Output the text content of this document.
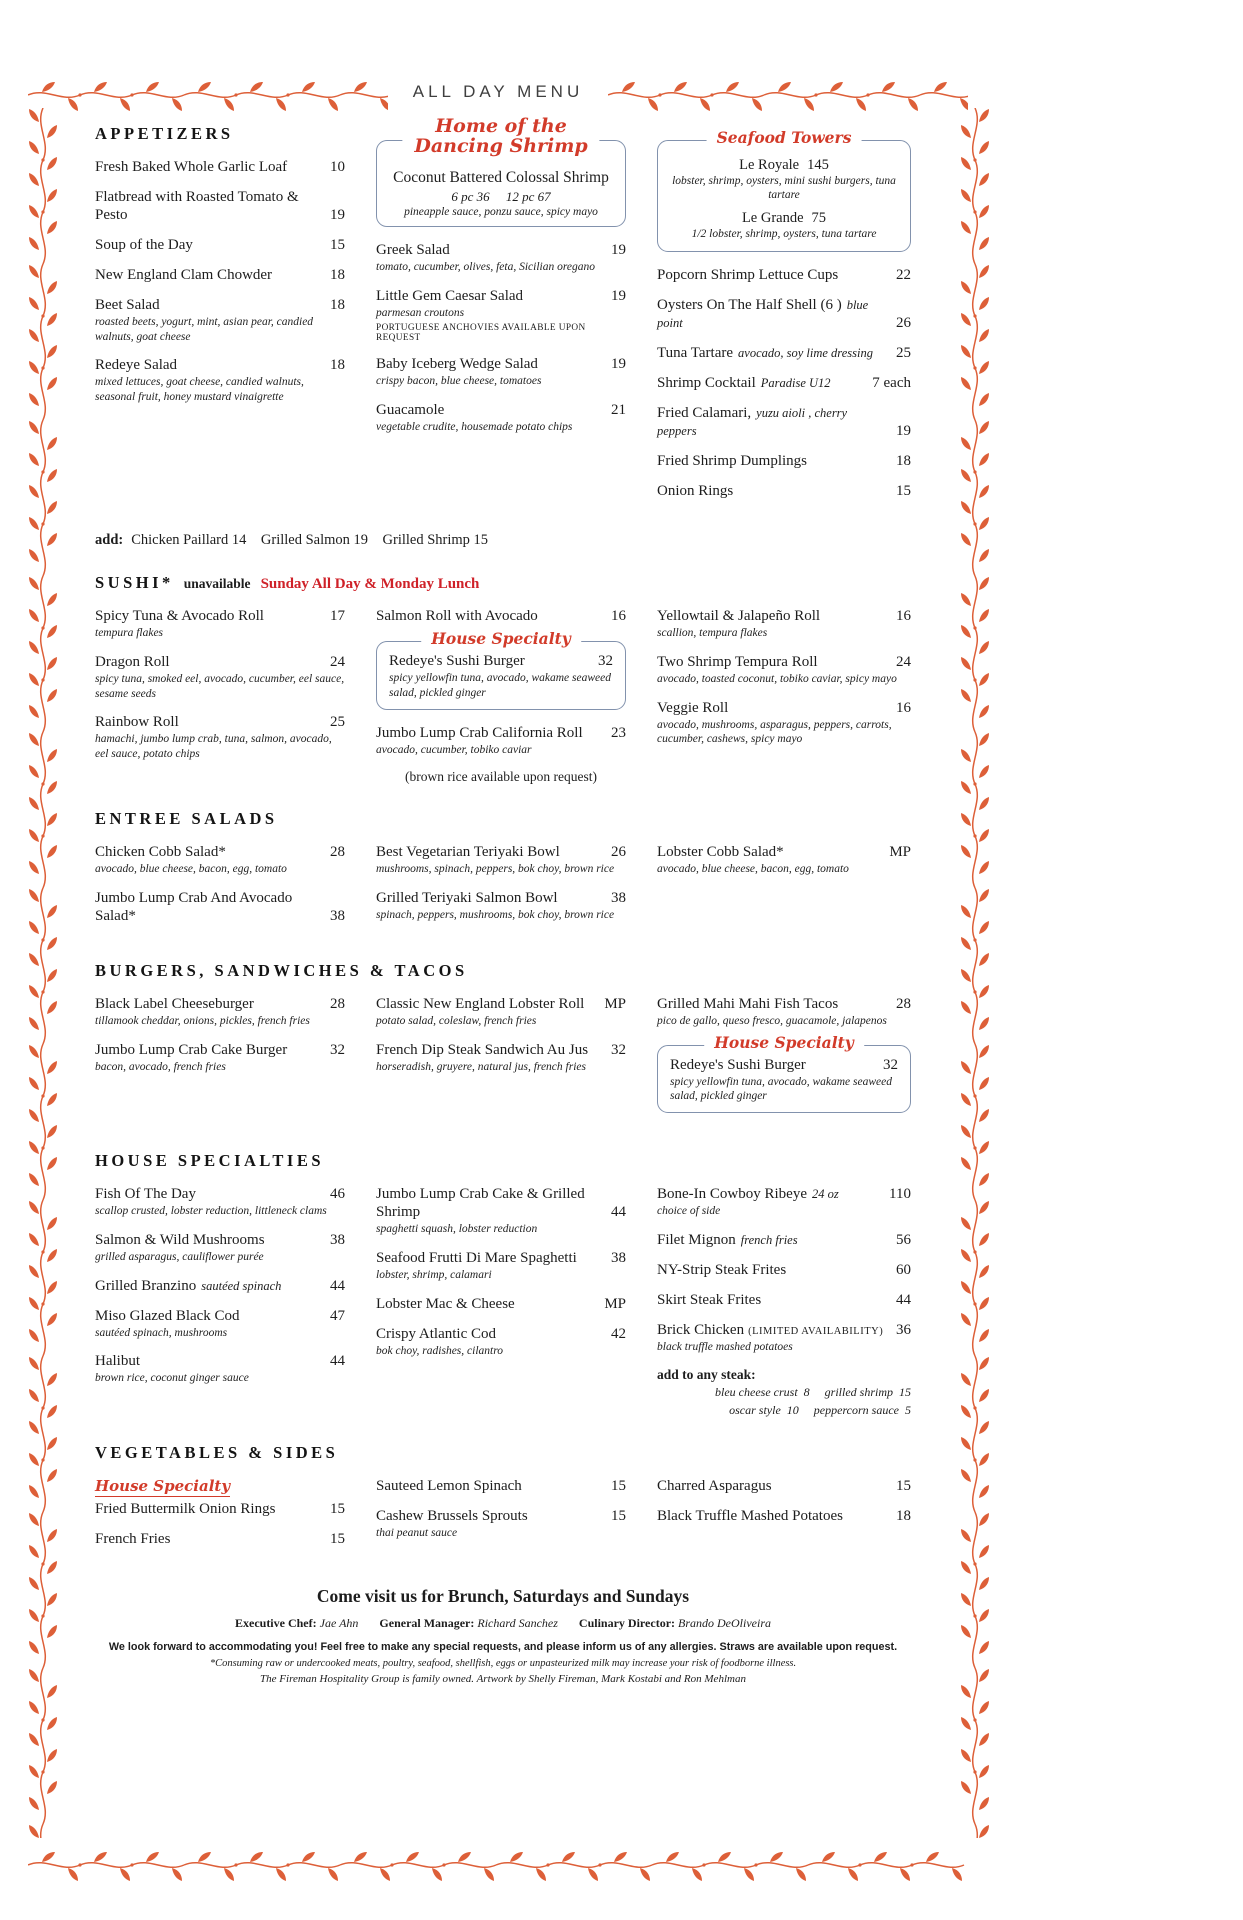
ALL DAY MENU
APPETIZERS
Fresh Baked Whole Garlic Loaf	10
Flatbread with Roasted Tomato & Pesto	19
Soup of the Day	15
New England Clam Chowder	18
Beet Salad	18
roasted beets, yogurt, mint, asian pear, candied walnuts, goat cheese
Redeye Salad	18
mixed lettuces, goat cheese, candied walnuts, seasonal fruit, honey mustard vinaigrette
Home of the
Dancing Shrimp
Coconut Battered Colossal Shrimp
6 pc 36     12 pc 67
pineapple sauce, ponzu sauce, spicy mayo
Greek Salad	19
tomato, cucumber, olives, feta, Sicilian oregano
Little Gem Caesar Salad	19
parmesan croutons
PORTUGUESE ANCHOVIES AVAILABLE UPON REQUEST
Baby Iceberg Wedge Salad	19
crispy bacon, blue cheese, tomatoes
Guacamole	21
vegetable crudite, housemade potato chips
Seafood Towers
Le Royale 145
lobster, shrimp, oysters, mini sushi burgers, tuna tartare
Le Grande 75
1/2 lobster, shrimp, oysters, tuna tartare
Popcorn Shrimp Lettuce Cups	22
Oysters On The Half Shell (6 ) blue point	26
Tuna Tartare avocado, soy lime dressing	25
Shrimp Cocktail Paradise U12	7 each
Fried Calamari, yuzu aioli , cherry peppers	19
Fried Shrimp Dumplings	18
Onion Rings	15
add: Chicken Paillard 14    Grilled Salmon 19    Grilled Shrimp 15
SUSHI* unavailable Sunday All Day & Monday Lunch
Spicy Tuna & Avocado Roll	17
tempura flakes
Dragon Roll	24
spicy tuna, smoked eel, avocado, cucumber, eel sauce, sesame seeds
Rainbow Roll	25
hamachi, jumbo lump crab, tuna, salmon, avocado, eel sauce, potato chips
Salmon Roll with Avocado	16
House Specialty
Redeye's Sushi Burger	32
spicy yellowfin tuna, avocado, wakame seaweed salad, pickled ginger
Jumbo Lump Crab California Roll	23
avocado, cucumber, tobiko caviar
(brown rice available upon request)
Yellowtail & Jalapeño Roll	16
scallion, tempura flakes
Two Shrimp Tempura Roll	24
avocado, toasted coconut, tobiko caviar, spicy mayo
Veggie Roll	16
avocado, mushrooms, asparagus, peppers, carrots, cucumber, cashews, spicy mayo
ENTREE SALADS
Chicken Cobb Salad*	28
avocado, blue cheese, bacon, egg, tomato
Jumbo Lump Crab And Avocado Salad*	38
Best Vegetarian Teriyaki Bowl	26
mushrooms, spinach, peppers, bok choy, brown rice
Grilled Teriyaki Salmon Bowl	38
spinach, peppers, mushrooms, bok choy, brown rice
Lobster Cobb Salad*	MP
avocado, blue cheese, bacon, egg, tomato
BURGERS, SANDWICHES & TACOS
Black Label Cheeseburger	28
tillamook cheddar, onions, pickles, french fries
Jumbo Lump Crab Cake Burger	32
bacon, avocado, french fries
Classic New England Lobster Roll	MP
potato salad, coleslaw, french fries
French Dip Steak Sandwich Au Jus	32
horseradish, gruyere, natural jus, french fries
Grilled Mahi Mahi Fish Tacos	28
pico de gallo, queso fresco, guacamole, jalapenos
House Specialty
Redeye's Sushi Burger	32
spicy yellowfin tuna, avocado, wakame seaweed salad, pickled ginger
HOUSE SPECIALTIES
Fish Of The Day	46
scallop crusted, lobster reduction, littleneck clams
Salmon & Wild Mushrooms	38
grilled asparagus, cauliflower purée
Grilled Branzino sautéed spinach	44
Miso Glazed Black Cod	47
sautéed spinach, mushrooms
Halibut	44
brown rice, coconut ginger sauce
Jumbo Lump Crab Cake & Grilled Shrimp	44
spaghetti squash, lobster reduction
Seafood Frutti Di Mare Spaghetti	38
lobster, shrimp, calamari
Lobster Mac & Cheese	MP
Crispy Atlantic Cod	42
bok choy, radishes, cilantro
Bone-In Cowboy Ribeye 24 oz	110
choice of side
Filet Mignon french fries	56
NY-Strip Steak Frites	60
Skirt Steak Frites	44
Brick Chicken (LIMITED AVAILABILITY) 36
black truffle mashed potatoes
add to any steak:
bleu cheese crust  8     grilled shrimp  15
oscar style  10     peppercorn sauce  5
VEGETABLES & SIDES
House Specialty
Fried Buttermilk Onion Rings	15
French Fries	15
Sauteed Lemon Spinach	15
Cashew Brussels Sprouts	15
thai peanut sauce
Charred Asparagus	15
Black Truffle Mashed Potatoes	18
Come visit us for Brunch, Saturdays and Sundays
Executive Chef: Jae Ahn General Manager: Richard Sanchez Culinary Director: Brando DeOliveira
We look forward to accommodating you! Feel free to make any special requests, and please inform us of any allergies. Straws are available upon request.
*Consuming raw or undercooked meats, poultry, seafood, shellfish, eggs or unpasteurized milk may increase your risk of foodborne illness.
The Fireman Hospitality Group is family owned. Artwork by Shelly Fireman, Mark Kostabi and Ron Mehlman
